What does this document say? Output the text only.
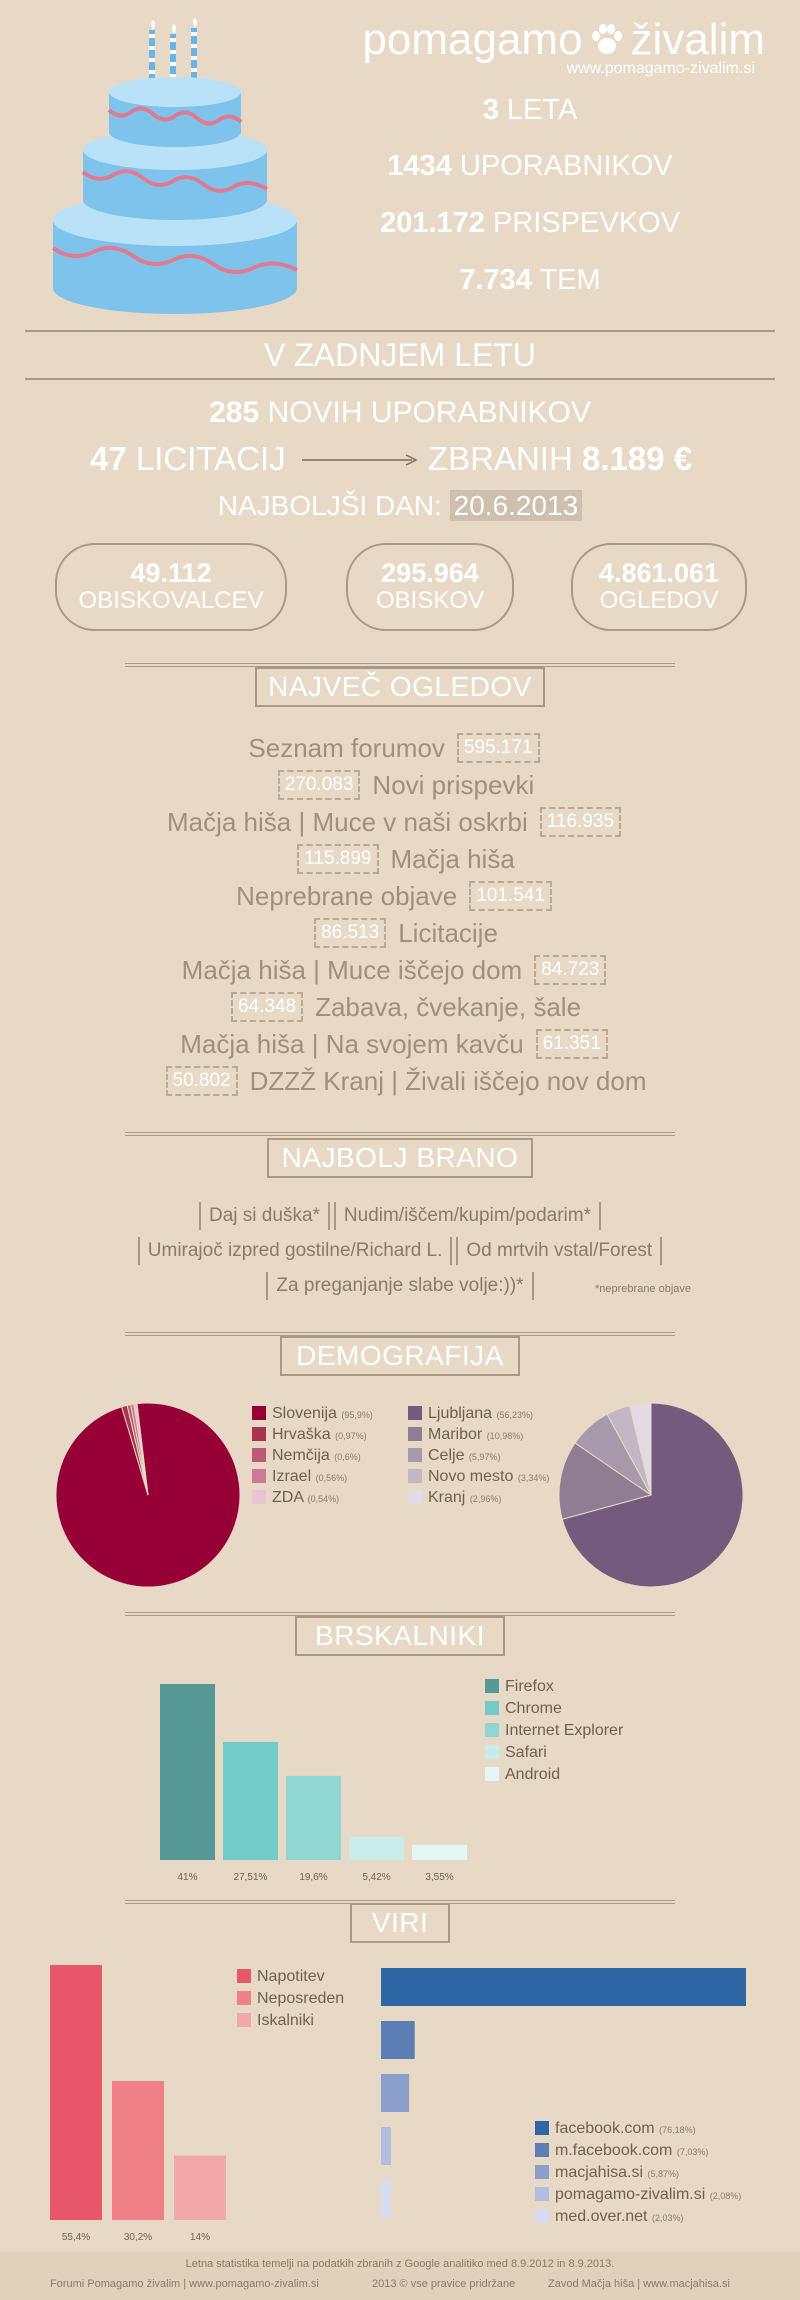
pomagamo živalim
www.pomagamo-zivalim.si
3 LETA
1434 UPORABNIKOV
201.172 PRISPEVKOV
7.734 TEM
V ZADNJEM LETU
285 NOVIH UPORABNIKOV
47 LICITACIJ	ZBRANIH 8.189 €
NAJBOLJŠI DAN: 20.6.2013
49.112
OBISKOVALCEV
295.964
OBISKOV
4.861.061
OGLEDOV
NAJVEČ OGLEDOV
Seznam forumov 595.171
270.083 Novi prispevki
Mačja hiša | Muce v naši oskrbi 116.935
115.899 Mačja hiša
Neprebrane objave 101.541
86.513 Licitacije
Mačja hiša | Muce iščejo dom 84.723
64.348 Zabava, čvekanje, šale
Mačja hiša | Na svojem kavču 61.351
50.802 DZZŽ Kranj | Živali iščejo nov dom
NAJBOLJ BRANO
Daj si duška* Nudim/iščem/kupim/podarim*
Umirajoč izpred gostilne/Richard L. Od mrtvih vstal/Forest
Za preganjanje slabe volje:))*	*neprebrane objave
DEMOGRAFIJA
Slovenija (95,9%)
Hrvaška (0,97%)
Nemčija (0,6%)
Izrael (0,56%)
ZDA (0,54%)
Ljubljana (56,23%)
Maribor (10,98%)
Celje (5,97%)
Novo mesto (3,34%)
Kranj (2,96%)
BRSKALNIKI
41%	27,51%	19,6%	5,42%	3,55%
Firefox
Chrome
Internet Explorer
Safari
Android
VIRI
55,4%	30,2%	14%
Napotitev
Neposreden
Iskalniki
facebook.com (76,18%)
m.facebook.com (7,03%)
macjahisa.si (5,87%)
pomagamo-zivalim.si (2,08%)
med.over.net (2,03%)
Letna statistika temelji na podatkih zbranih z Google analitiko med 8.9.2012 in 8.9.2013.
Forumi Pomagamo živalim | www.pomagamo-zivalim.si	2013 © vse pravice pridržane	Zavod Mačja hiša | www.macjahisa.si
